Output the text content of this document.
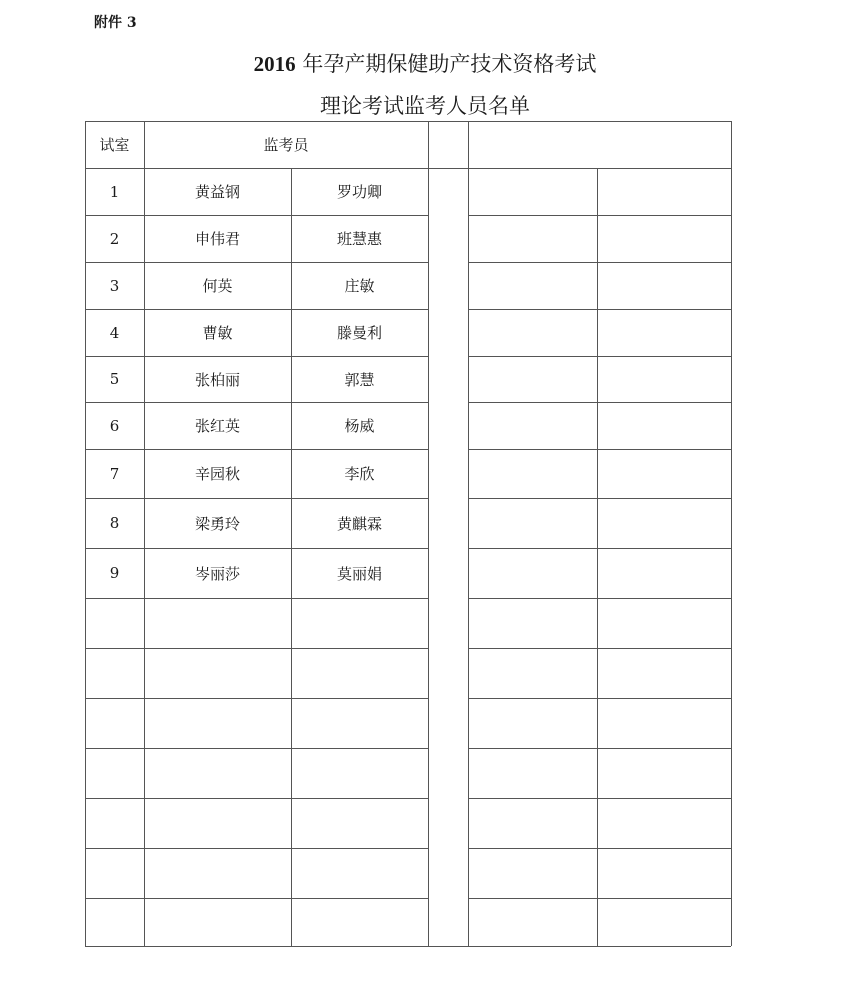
附件 3
2016 年孕产期保健助产技术资格考试
理论考试监考人员名单
试室	监考员
1	黄益钢	罗功卿
2	申伟君	班慧惠
3	何英	庄敏
4	曹敏	滕曼利
5	张柏丽	郭慧
6	张红英	杨威
7	辛园秋	李欣
8	梁勇玲	黄麒霖
9	岑丽莎	莫丽娟
